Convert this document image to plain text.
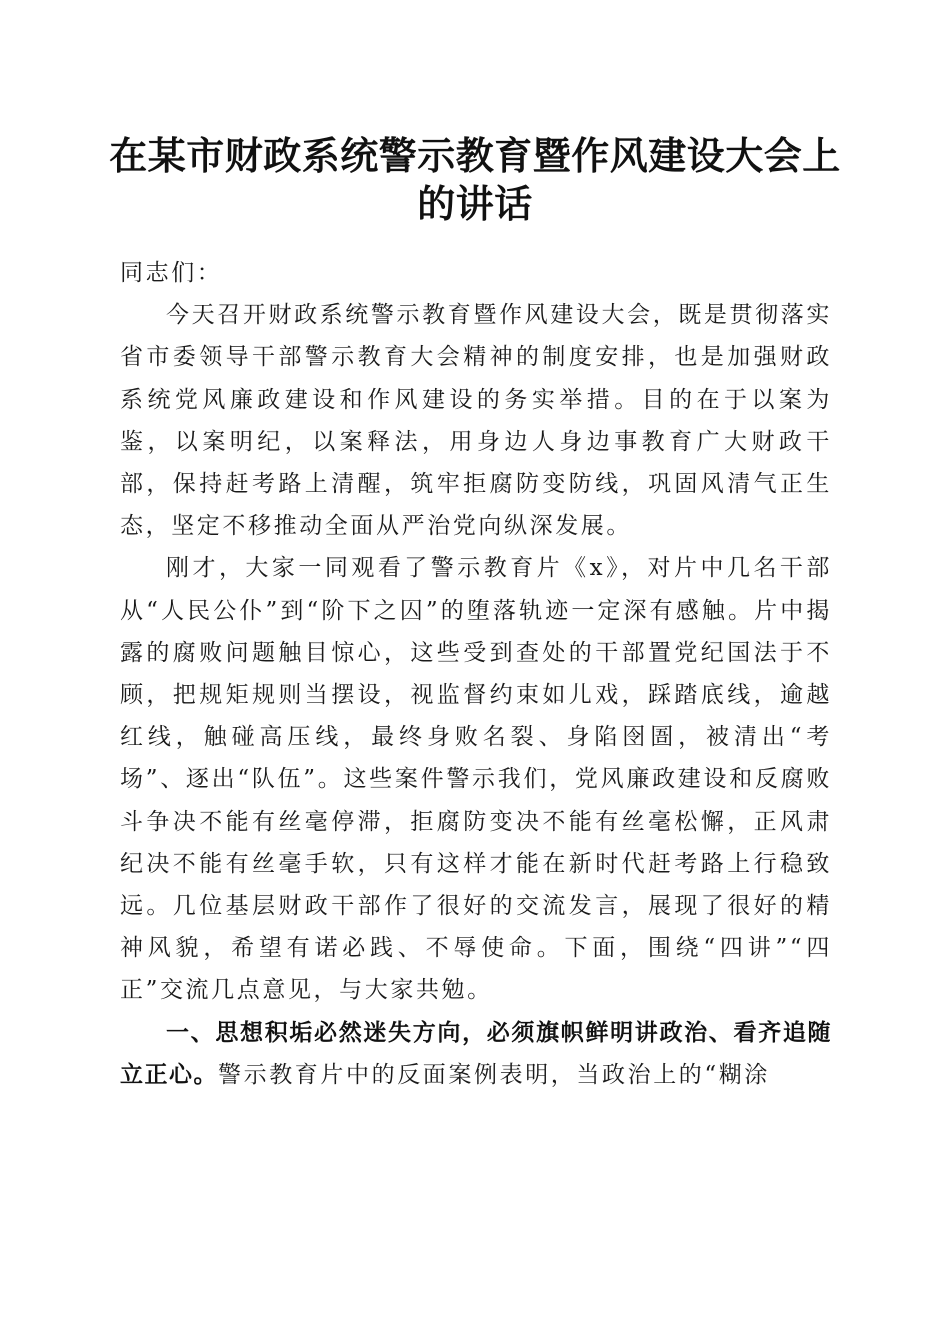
在某市财政系统警示教育暨作风建设大会上的讲话

同志们：

今天召开财政系统警示教育暨作风建设大会，既是贯彻落实省市委领导干部警示教育大会精神的制度安排，也是加强财政系统党风廉政建设和作风建设的务实举措。目的在于以案为鉴，以案明纪，以案释法，用身边人身边事教育广大财政干部，保持赶考路上清醒，筑牢拒腐防变防线，巩固风清气正生态，坚定不移推动全面从严治党向纵深发展。

刚才，大家一同观看了警示教育片《x》，对片中几名干部从“人民公仆”到“阶下之囚”的堕落轨迹一定深有感触。片中揭露的腐败问题触目惊心，这些受到查处的干部置党纪国法于不顾，把规矩规则当摆设，视监督约束如儿戏，踩踏底线，逾越红线，触碰高压线，最终身败名裂、身陷囹圄，被清出“考场”、逐出“队伍”。这些案件警示我们，党风廉政建设和反腐败斗争决不能有丝毫停滞，拒腐防变决不能有丝毫松懈，正风肃纪决不能有丝毫手软，只有这样才能在新时代赶考路上行稳致远。几位基层财政干部作了很好的交流发言，展现了很好的精神风貌，希望有诺必践、不辱使命。下面，围绕“四讲”“四正”交流几点意见，与大家共勉。

一、思想积垢必然迷失方向，必须旗帜鲜明讲政治、看齐追随立正心。警示教育片中的反面案例表明，当政治上的“糊涂
